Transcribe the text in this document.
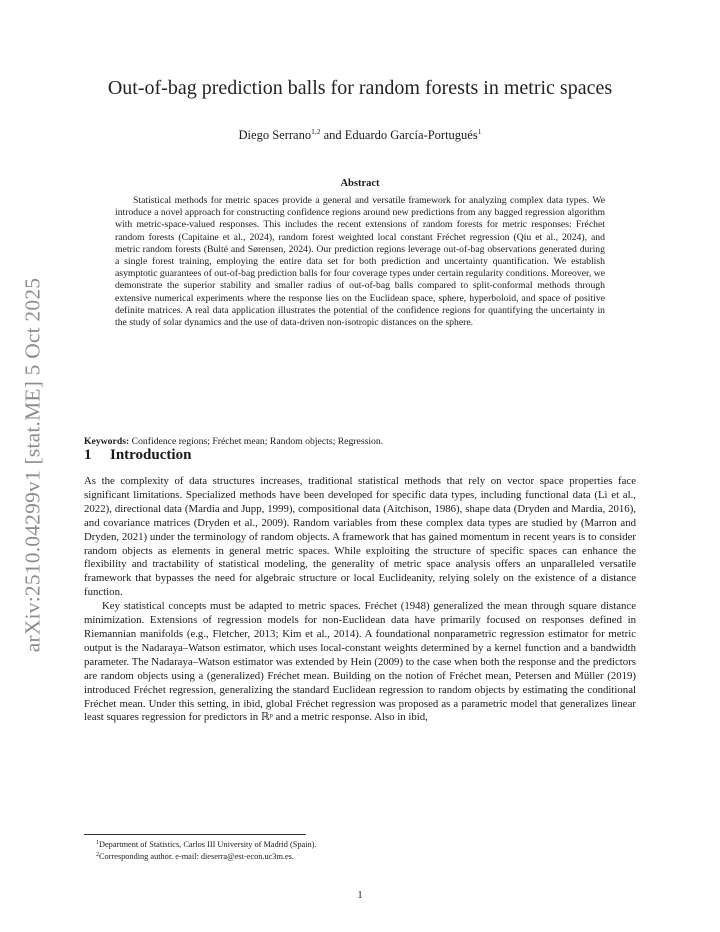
arXiv:2510.04299v1 [stat.ME] 5 Oct 2025
Out-of-bag prediction balls for random forests in metric spaces
Diego Serrano$^{1,2}$ and Eduardo García-Portugués$^1$
Abstract

Statistical methods for metric spaces provide a general and versatile framework for analyzing complex data types. We introduce a novel approach for constructing confidence regions around new predictions from any bagged regression algorithm with metric-space-valued responses. This includes the recent extensions of random forests for metric responses: Fréchet random forests (Capitaine et al., 2024), random forest weighted local constant Fréchet regression (Qiu et al., 2024), and metric random forests (Bulté and Sørensen, 2024). Our prediction regions leverage out-of-bag observations generated during a single forest training, employing the entire data set for both prediction and uncertainty quantification. We establish asymptotic guarantees of out-of-bag prediction balls for four coverage types under certain regularity conditions. Moreover, we demonstrate the superior stability and smaller radius of out-of-bag balls compared to split-conformal methods through extensive numerical experiments where the response lies on the Euclidean space, sphere, hyperboloid, and space of positive definite matrices. A real data application illustrates the potential of the confidence regions for quantifying the uncertainty in the study of solar dynamics and the use of data-driven non-isotropic distances on the sphere.

Keywords: Confidence regions; Fréchet mean; Random objects; Regression.

1 Introduction

As the complexity of data structures increases, traditional statistical methods that rely on vector space properties face significant limitations. Specialized methods have been developed for specific data types, including functional data (Li et al., 2022), directional data (Mardia and Jupp, 1999), compositional data (Aitchison, 1986), shape data (Dryden and Mardia, 2016), and covariance matrices (Dryden et al., 2009). Random variables from these complex data types are studied by (Marron and Dryden, 2021) under the terminology of random objects. A framework that has gained momentum in recent years is to consider random objects as elements in general metric spaces. While exploiting the structure of specific spaces can enhance the flexibility and tractability of statistical modeling, the generality of metric space analysis offers an unparalleled versatile framework that bypasses the need for algebraic structure or local Euclideanity, relying solely on the existence of a distance function.

Key statistical concepts must be adapted to metric spaces. Fréchet (1948) generalized the mean through square distance minimization. Extensions of regression models for non-Euclidean data have primarily focused on responses defined in Riemannian manifolds (e.g., Fletcher, 2013; Kim et al., 2014). A foundational nonparametric regression estimator for metric output is the Nadaraya–Watson estimator, which uses local-constant weights determined by a kernel function and a bandwidth parameter. The Nadaraya–Watson estimator was extended by Hein (2009) to the case when both the response and the predictors are random objects using a (generalized) Fréchet mean. Building on the notion of Fréchet mean, Petersen and Müller (2019) introduced Fréchet regression, generalizing the standard Euclidean regression to random objects by estimating the conditional Fréchet mean. Under this setting, in ibid, global Fréchet regression was proposed as a parametric model that generalizes linear least squares regression for predictors in ℝᵖ and a metric response. Also in ibid,

$^1$Department of Statistics, Carlos III University of Madrid (Spain).
$^2$Corresponding author. e-mail: dieserra@est-econ.uc3m.es.
1
